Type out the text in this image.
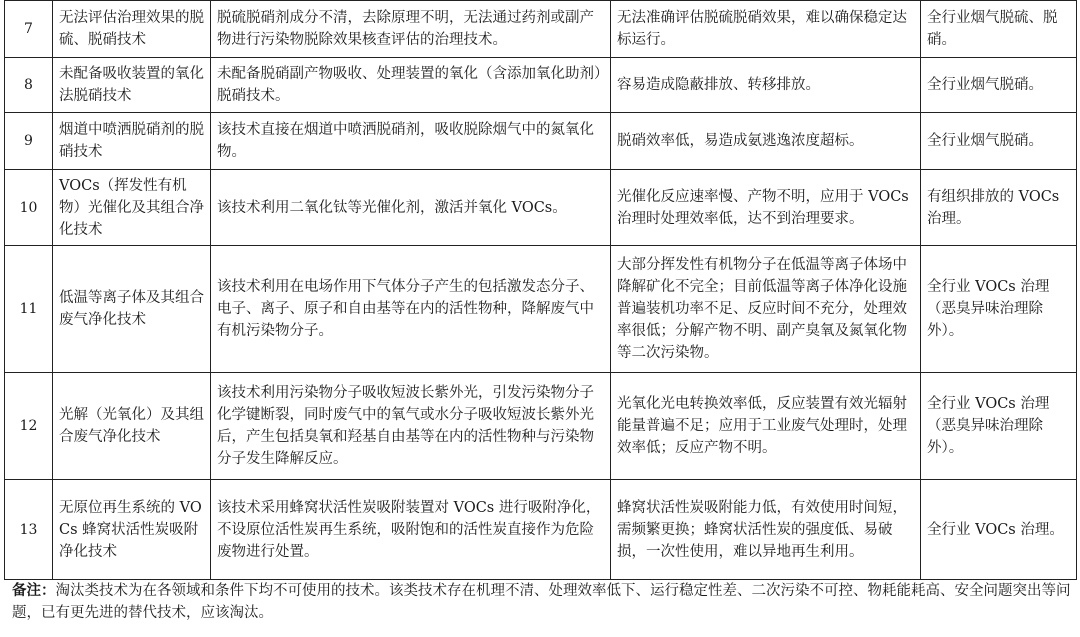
7	无法评估治理效果的脱硫、脱硝技术	脱硫脱硝剂成分不清，去除原理不明，无法通过药剂或副产物进行污染物脱除效果核查评估的治理技术。	无法准确评估脱硫脱硝效果，难以确保稳定达标运行。	全行业烟气脱硫、脱硝。
8	未配备吸收装置的氧化法脱硝技术	未配备脱硝副产物吸收、处理装置的氧化（含添加氧化助剂）脱硝技术。	容易造成隐蔽排放、转移排放。	全行业烟气脱硝。
9	烟道中喷洒脱硝剂的脱硝技术	该技术直接在烟道中喷洒脱硝剂，吸收脱除烟气中的氮氧化物。	脱硝效率低，易造成氨逃逸浓度超标。	全行业烟气脱硝。
10	VOCs（挥发性有机物）光催化及其组合净化技术	该技术利用二氧化钛等光催化剂，激活并氧化 VOCs。	光催化反应速率慢、产物不明，应用于 VOCs 治理时处理效率低，达不到治理要求。	有组织排放的 VOCs 治理。
11	低温等离子体及其组合废气净化技术	该技术利用在电场作用下气体分子产生的包括激发态分子、电子、离子、原子和自由基等在内的活性物种，降解废气中有机污染物分子。	大部分挥发性有机物分子在低温等离子体场中降解矿化不完全；目前低温等离子体净化设施普遍装机功率不足、反应时间不充分，处理效率很低；分解产物不明、副产臭氧及氮氧化物等二次污染物。	全行业 VOCs 治理（恶臭异味治理除外）。
12	光解（光氧化）及其组合废气净化技术	该技术利用污染物分子吸收短波长紫外光，引发污染物分子化学键断裂，同时废气中的氧气或水分子吸收短波长紫外光后，产生包括臭氧和羟基自由基等在内的活性物种与污染物分子发生降解反应。	光氧化光电转换效率低，反应装置有效光辐射能量普遍不足；应用于工业废气处理时，处理效率低；反应产物不明。	全行业 VOCs 治理（恶臭异味治理除外）。
13	无原位再生系统的 VOCs 蜂窝状活性炭吸附净化技术	该技术采用蜂窝状活性炭吸附装置对 VOCs 进行吸附净化，不设原位活性炭再生系统，吸附饱和的活性炭直接作为危险废物进行处置。	蜂窝状活性炭吸附能力低，有效使用时间短，需频繁更换；蜂窝状活性炭的强度低、易破损，一次性使用，难以异地再生利用。	全行业 VOCs 治理。
备注：淘汰类技术为在各领域和条件下均不可使用的技术。该类技术存在机理不清、处理效率低下、运行稳定性差、二次污染不可控、物耗能耗高、安全问题突出等问题，已有更先进的替代技术，应该淘汰。
